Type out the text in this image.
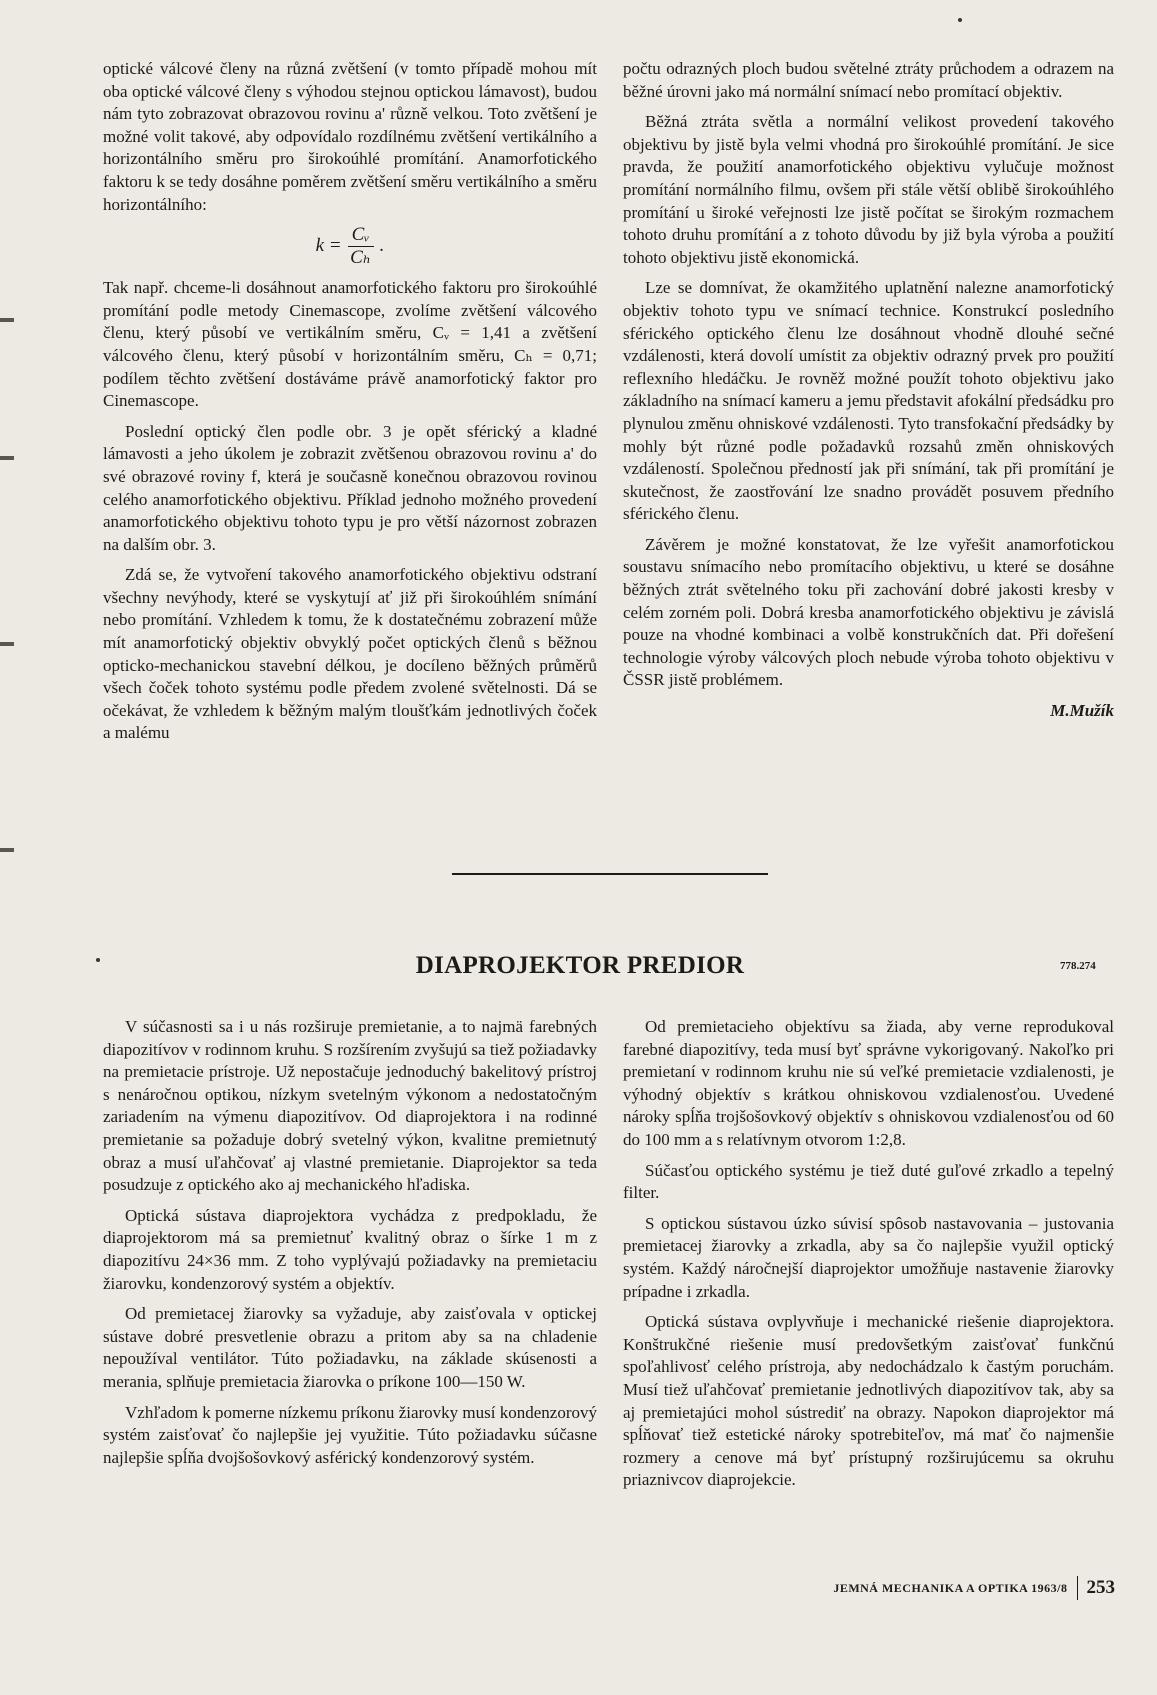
optické válcové členy na různá zvětšení (v tomto případě mohou mít oba optické válcové členy s výhodou stejnou optickou lámavost), budou nám tyto zobrazovat obrazovou rovinu a' různě velkou. Toto zvětšení je možné volit takové, aby odpovídalo rozdílnému zvětšení vertikálního a horizontálního směru pro širokoúhlé promítání. Anamorfotického faktoru k se tedy dosáhne poměrem zvětšení směru vertikálního a směru horizontálního:

$k = \frac{\text{Cᵥ}}{\text{Cₕ}}$ .

Tak např. chceme-li dosáhnout anamorfotického faktoru pro širokoúhlé promítání podle metody Cinemascope, zvolíme zvětšení válcového členu, který působí ve vertikálním směru, Cᵥ = 1,41 a zvětšení válcového členu, který působí v horizontálním směru, Cₕ = 0,71; podílem těchto zvětšení dostáváme právě anamorfotický faktor pro Cinemascope.

Poslední optický člen podle obr. 3 je opět sférický a kladné lámavosti a jeho úkolem je zobrazit zvětšenou obrazovou rovinu a' do své obrazové roviny f, která je současně konečnou obrazovou rovinou celého anamorfotického objektivu. Příklad jednoho možného provedení anamorfotického objektivu tohoto typu je pro větší názornost zobrazen na dalším obr. 3.

Zdá se, že vytvoření takového anamorfotického objektivu odstraní všechny nevýhody, které se vyskytují ať již při širokoúhlém snímání nebo promítání. Vzhledem k tomu, že k dostatečnému zobrazení může mít anamorfotický objektiv obvyklý počet optických členů s běžnou opticko-mechanickou stavební délkou, je docíleno běžných průměrů všech čoček tohoto systému podle předem zvolené světelnosti. Dá se očekávat, že vzhledem k běžným malým tloušťkám jednotlivých čoček a malému

počtu odrazných ploch budou světelné ztráty průchodem a odrazem na běžné úrovni jako má normální snímací nebo promítací objektiv.

Běžná ztráta světla a normální velikost provedení takového objektivu by jistě byla velmi vhodná pro širokoúhlé promítání. Je sice pravda, že použití anamorfotického objektivu vylučuje možnost promítání normálního filmu, ovšem při stále větší oblibě širokoúhlého promítání u široké veřejnosti lze jistě počítat se širokým rozmachem tohoto druhu promítání a z tohoto důvodu by již byla výroba a použití tohoto objektivu jistě ekonomická.

Lze se domnívat, že okamžitého uplatnění nalezne anamorfotický objektiv tohoto typu ve snímací technice. Konstrukcí posledního sférického optického členu lze dosáhnout vhodně dlouhé sečné vzdálenosti, která dovolí umístit za objektiv odrazný prvek pro použití reflexního hledáčku. Je rovněž možné použít tohoto objektivu jako základního na snímací kameru a jemu představit afokální předsádku pro plynulou změnu ohniskové vzdálenosti. Tyto transfokační předsádky by mohly být různé podle požadavků rozsahů změn ohniskových vzdáleností. Společnou předností jak při snímání, tak při promítání je skutečnost, že zaostřování lze snadno provádět posuvem předního sférického členu.

Závěrem je možné konstatovat, že lze vyřešit anamorfotickou soustavu snímacího nebo promítacího objektivu, u které se dosáhne běžných ztrát světelného toku při zachování dobré jakosti kresby v celém zorném poli. Dobrá kresba anamorfotického objektivu je závislá pouze na vhodné kombinaci a volbě konstrukčních dat. Při dořešení technologie výroby válcových ploch nebude výroba tohoto objektivu v ČSSR jistě problémem.

M.Mužík
DIAPROJEKTOR PREDIOR	778.274

V súčasnosti sa i u nás rozširuje premietanie, a to najmä farebných diapozitívov v rodinnom kruhu. S rozšírením zvyšujú sa tiež požiadavky na premietacie prístroje. Už nepostačuje jednoduchý bakelitový prístroj s nenáročnou optikou, nízkym svetelným výkonom a nedostatočným zariadením na výmenu diapozitívov. Od diaprojektora i na rodinné premietanie sa požaduje dobrý svetelný výkon, kvalitne premietnutý obraz a musí uľahčovať aj vlastné premietanie. Diaprojektor sa teda posudzuje z optického ako aj mechanického hľadiska.

Optická sústava diaprojektora vychádza z predpokladu, že diaprojektorom má sa premietnuť kvalitný obraz o šírke 1 m z diapozitívu 24×36 mm. Z toho vyplývajú požiadavky na premietaciu žiarovku, kondenzorový systém a objektív.

Od premietacej žiarovky sa vyžaduje, aby zaisťovala v optickej sústave dobré presvetlenie obrazu a pritom aby sa na chladenie nepoužíval ventilátor. Túto požiadavku, na základe skúsenosti a merania, splňuje premietacia žiarovka o príkone 100—150 W.

Vzhľadom k pomerne nízkemu príkonu žiarovky musí kondenzorový systém zaisťovať čo najlepšie jej využitie. Túto požiadavku súčasne najlepšie spĺňa dvojšošovkový asférický kondenzorový systém.

Od premietacieho objektívu sa žiada, aby verne reprodukoval farebné diapozitívy, teda musí byť správne vykorigovaný. Nakoľko pri premietaní v rodinnom kruhu nie sú veľké premietacie vzdialenosti, je výhodný objektív s krátkou ohniskovou vzdialenosťou. Uvedené nároky spĺňa trojšošovkový objektív s ohniskovou vzdialenosťou od 60 do 100 mm a s relatívnym otvorom 1:2,8.

Súčasťou optického systému je tiež duté guľové zrkadlo a tepelný filter.

S optickou sústavou úzko súvisí spôsob nastavovania – justovania premietacej žiarovky a zrkadla, aby sa čo najlepšie využil optický systém. Každý náročnejší diaprojektor umožňuje nastavenie žiarovky prípadne i zrkadla.

Optická sústava ovplyvňuje i mechanické riešenie diaprojektora. Konštrukčné riešenie musí predovšetkým zaisťovať funkčnú spoľahlivosť celého prístroja, aby nedochádzalo k častým poruchám. Musí tiež uľahčovať premietanie jednotlivých diapozitívov tak, aby sa aj premietajúci mohol sústrediť na obrazy. Napokon diaprojektor má spĺňovať tiež estetické nároky spotrebiteľov, má mať čo najmenšie rozmery a cenove má byť prístupný rozširujúcemu sa okruhu priaznivcov diaprojekcie.

JEMNÁ MECHANIKA A OPTIKA 1963/8 253
